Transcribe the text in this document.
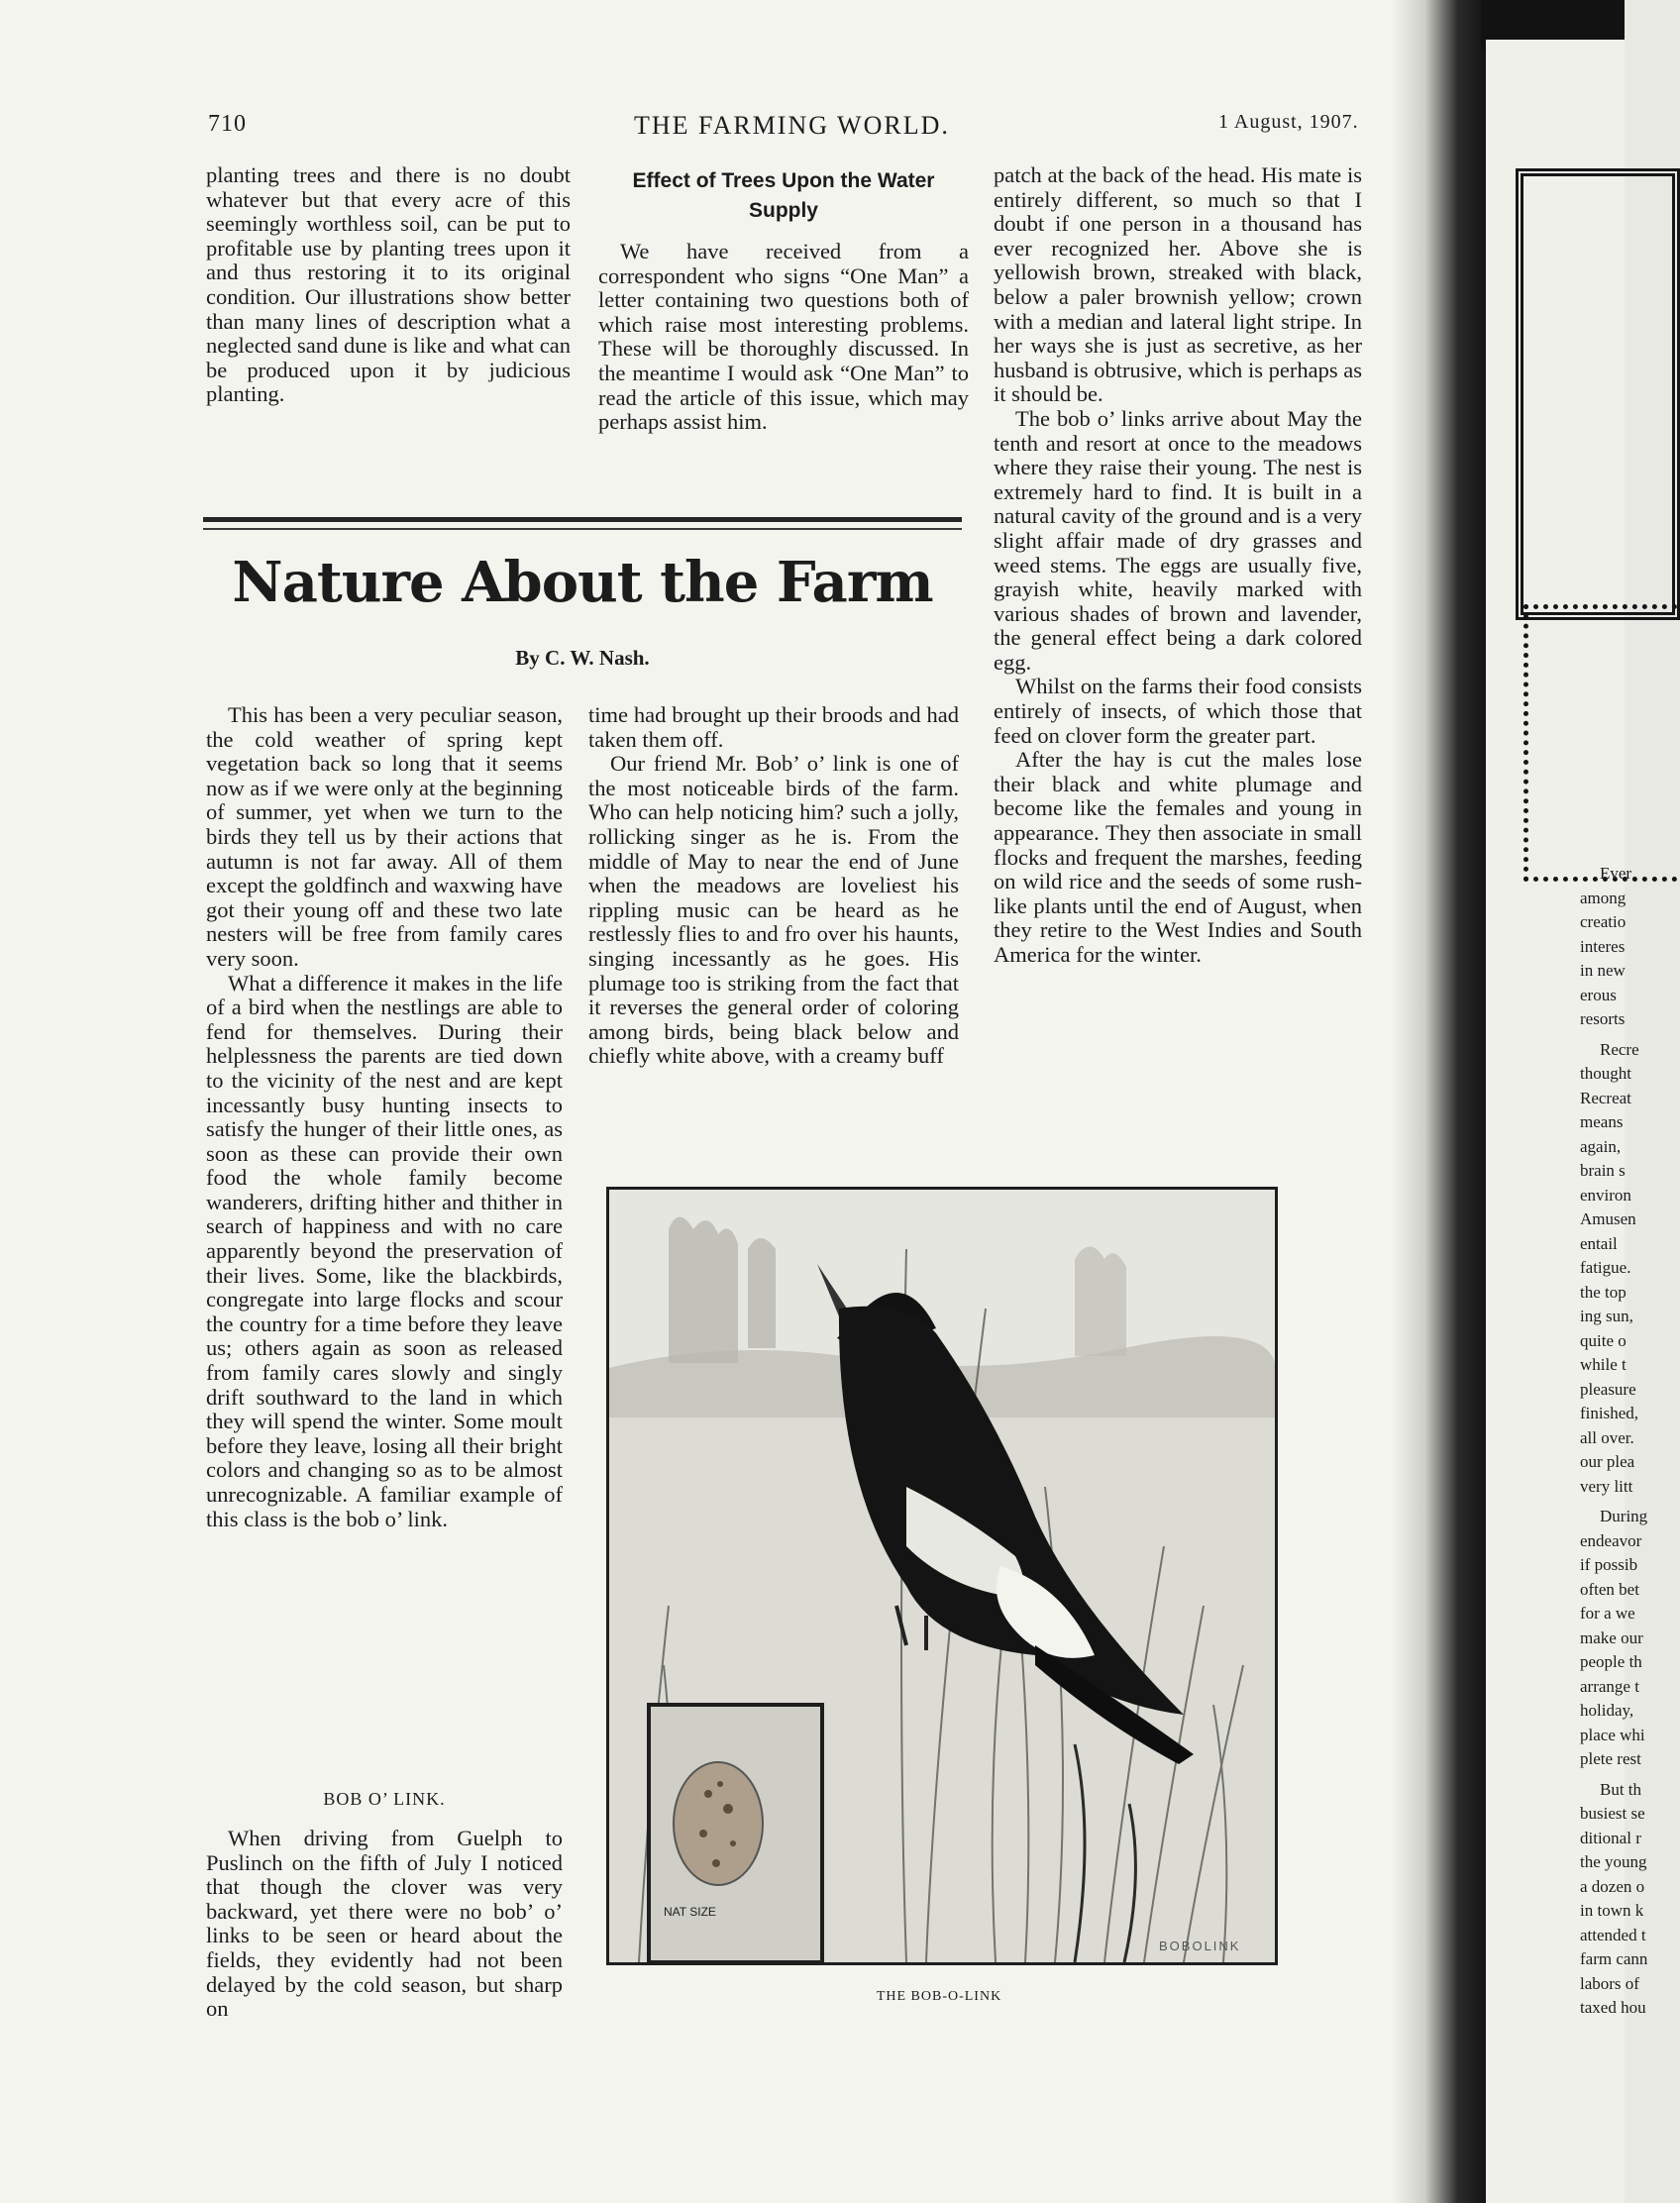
710	THE FARMING WORLD.	1 August, 1907.

planting trees and there is no doubt whatever but that every acre of this seemingly worthless soil, can be put to profitable use by planting trees upon it and thus restoring it to its original condition. Our illustrations show better than many lines of description what a neglected sand dune is like and what can be produced upon it by judicious planting.

Effect of Trees Upon the Water Supply

We have received from a correspondent who signs “One Man” a letter containing two questions both of which raise most interesting problems. These will be thoroughly discussed. In the meantime I would ask “One Man” to read the article of this issue, which may perhaps assist him.

patch at the back of the head. His mate is entirely different, so much so that I doubt if one person in a thousand has ever recognized her. Above she is yellowish brown, streaked with black, below a paler brownish yellow; crown with a median and lateral light stripe. In her ways she is just as secretive, as her husband is obtrusive, which is perhaps as it should be.

The bob o’ links arrive about May the tenth and resort at once to the meadows where they raise their young. The nest is extremely hard to find. It is built in a natural cavity of the ground and is a very slight affair made of dry grasses and weed stems. The eggs are usually five, grayish white, heavily marked with various shades of brown and lavender, the general effect being a dark colored egg.

Whilst on the farms their food consists entirely of insects, of which those that feed on clover form the greater part.

After the hay is cut the males lose their black and white plumage and become like the females and young in appearance. They then associate in small flocks and frequent the marshes, feeding on wild rice and the seeds of some rush-like plants until the end of August, when they retire to the West Indies and South America for the winter.

Nature About the Farm
By C. W. Nash.

This has been a very peculiar season, the cold weather of spring kept vegetation back so long that it seems now as if we were only at the beginning of summer, yet when we turn to the birds they tell us by their actions that autumn is not far away. All of them except the goldfinch and waxwing have got their young off and these two late nesters will be free from family cares very soon.

What a difference it makes in the life of a bird when the nestlings are able to fend for themselves. During their helplessness the parents are tied down to the vicinity of the nest and are kept incessantly busy hunting insects to satisfy the hunger of their little ones, as soon as these can provide their own food the whole family become wanderers, drifting hither and thither in search of happiness and with no care apparently beyond the preservation of their lives. Some, like the blackbirds, congregate into large flocks and scour the country for a time before they leave us; others again as soon as released from family cares slowly and singly drift southward to the land in which they will spend the winter. Some moult before they leave, losing all their bright colors and changing so as to be almost unrecognizable. A familiar example of this class is the bob o’ link.

BOB O’ LINK.

When driving from Guelph to Puslinch on the fifth of July I noticed that though the clover was very backward, yet there were no bob’ o’ links to be seen or heard about the fields, they evidently had not been delayed by the cold season, but sharp on

time had brought up their broods and had taken them off.

Our friend Mr. Bob’ o’ link is one of the most noticeable birds of the farm. Who can help noticing him? such a jolly, rollicking singer as he is. From the middle of May to near the end of June when the meadows are loveliest his rippling music can be heard as he restlessly flies to and fro over his haunts, singing incessantly as he goes. His plumage too is striking from the fact that it reverses the general order of coloring among birds, being black below and chiefly white above, with a creamy buff

NAT SIZE
BOBOLINK
THE BOB-O-LINK
Ever
among
creatio
interes
in new
erous
resorts
Recre
thought
Recreat
means
again,
brain s
environ
Amusen
entail
fatigue.
the top
ing sun,
quite o
while t
pleasure
finished,
all over.
our plea
very litt
During
endeavor
if possib
often bet
for a we
make our
people th
arrange t
holiday,
place whi
plete rest
But th
busiest se
ditional r
the young
a dozen o
in town k
attended t
farm cann
labors of
taxed hou
